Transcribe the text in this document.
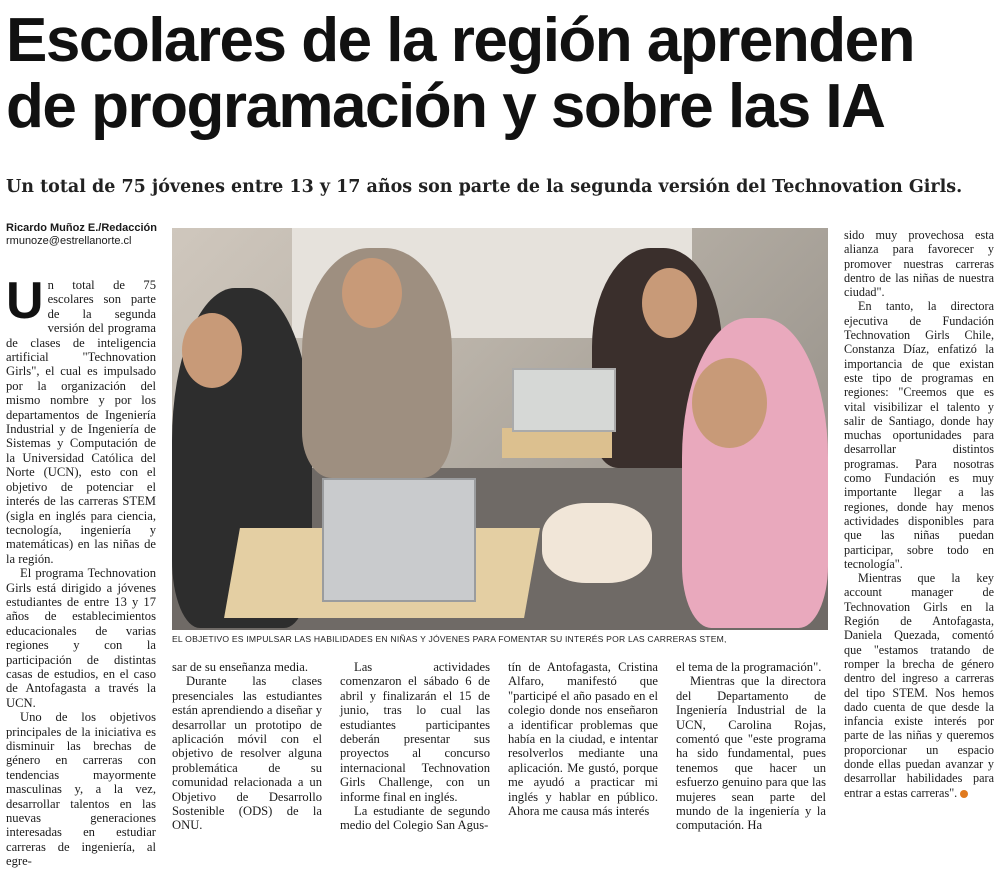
Escolares de la región aprenden
de programación y sobre las IA

Un total de 75 jóvenes entre 13 y 17 años son parte de la segunda versión del Technovation Girls.

Ricardo Muñoz E./Redacción
rmunoze@estrellanorte.cl

Un total de 75 escolares son parte de la segunda versión del programa de clases de inteligencia artificial "Technovation Girls", el cual es impulsado por la organización del mismo nombre y por los departamentos de Ingeniería Industrial y de Ingeniería de Sistemas y Computación de la Universidad Católica del Norte (UCN), esto con el objetivo de potenciar el interés de las carreras STEM (sigla en inglés para ciencia, tecnología, ingeniería y matemáticas) en las niñas de la región.

El programa Technovation Girls está dirigido a jóvenes estudiantes de entre 13 y 17 años de establecimientos educacionales de varias regiones y con la participación de distintas casas de estudios, en el caso de Antofagasta a través la UCN.

Uno de los objetivos principales de la iniciativa es disminuir las brechas de género en carreras con tendencias mayormente masculinas y, a la vez, desarrollar talentos en las nuevas generaciones interesadas en estudiar carreras de ingeniería, al egre-

EL OBJETIVO ES IMPULSAR LAS HABILIDADES EN NIÑAS Y JÓVENES PARA FOMENTAR SU INTERÉS POR LAS CARRERAS STEM,

sar de su enseñanza media.

Durante las clases presenciales las estudiantes están aprendiendo a diseñar y desarrollar un prototipo de aplicación móvil con el objetivo de resolver alguna problemática de su comunidad relacionada a un Objetivo de Desarrollo Sostenible (ODS) de la ONU.

Las actividades comenzaron el sábado 6 de abril y finalizarán el 15 de junio, tras lo cual las estudiantes participantes deberán presentar sus proyectos al concurso internacional Technovation Girls Challenge, con un informe final en inglés.

La estudiante de segundo medio del Colegio San Agus-

tín de Antofagasta, Cristina Alfaro, manifestó que "participé el año pasado en el colegio donde nos enseñaron a identificar problemas que había en la ciudad, e intentar resolverlos mediante una aplicación. Me gustó, porque me ayudó a practicar mi inglés y hablar en público. Ahora me causa más interés

el tema de la programación".

Mientras que la directora del Departamento de Ingeniería Industrial de la UCN, Carolina Rojas, comentó que "este programa ha sido fundamental, pues tenemos que hacer un esfuerzo genuino para que las mujeres sean parte del mundo de la ingeniería y la computación. Ha

sido muy provechosa esta alianza para favorecer y promover nuestras carreras dentro de las niñas de nuestra ciudad".

En tanto, la directora ejecutiva de Fundación Technovation Girls Chile, Constanza Díaz, enfatizó la importancia de que existan este tipo de programas en regiones: "Creemos que es vital visibilizar el talento y salir de Santiago, donde hay muchas oportunidades para desarrollar distintos programas. Para nosotras como Fundación es muy importante llegar a las regiones, donde hay menos actividades disponibles para que las niñas puedan participar, sobre todo en tecnología".

Mientras que la key account manager de Technovation Girls en la Región de Antofagasta, Daniela Quezada, comentó que "estamos tratando de romper la brecha de género dentro del ingreso a carreras del tipo STEM. Nos hemos dado cuenta de que desde la infancia existe interés por parte de las niñas y queremos proporcionar un espacio donde ellas puedan avanzar y desarrollar habilidades para entrar a estas carreras".
